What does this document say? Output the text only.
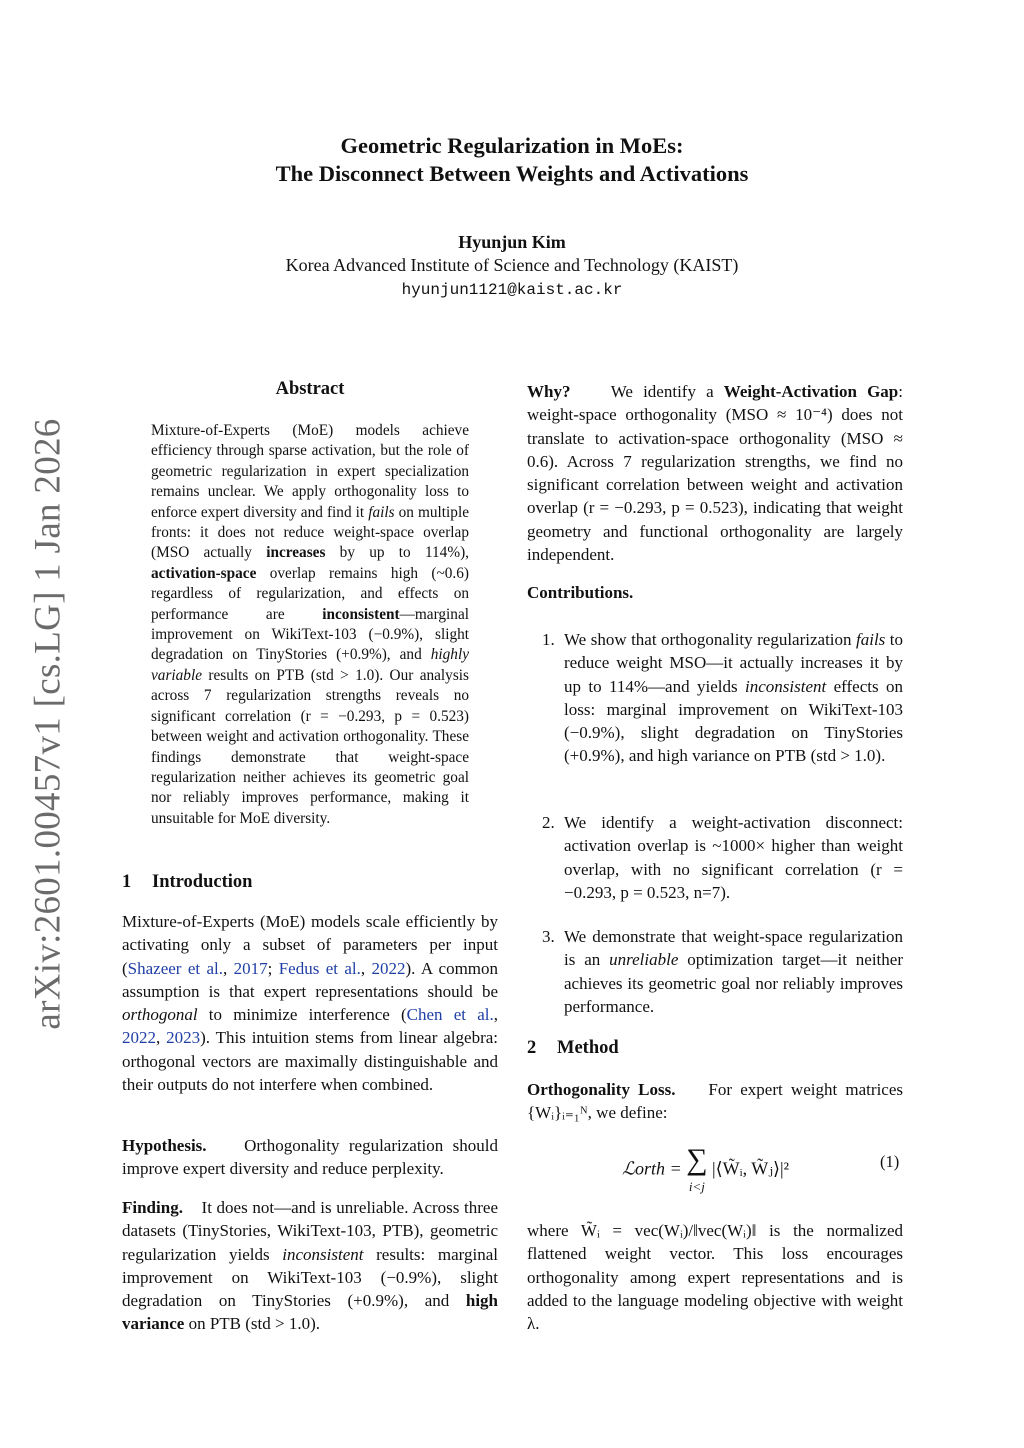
arXiv:2601.00457v1 [cs.LG] 1 Jan 2026
Geometric Regularization in MoEs:
The Disconnect Between Weights and Activations
Hyunjun Kim
Korea Advanced Institute of Science and Technology (KAIST)
hyunjun1121@kaist.ac.kr
Abstract
Mixture-of-Experts (MoE) models achieve efficiency through sparse activation, but the role of geometric regularization in expert specialization remains unclear. We apply orthogonality loss to enforce expert diversity and find it fails on multiple fronts: it does not reduce weight-space overlap (MSO actually increases by up to 114%), activation-space overlap remains high (~0.6) regardless of regularization, and effects on performance are inconsistent—marginal improvement on WikiText-103 (−0.9%), slight degradation on TinyStories (+0.9%), and highly variable results on PTB (std > 1.0). Our analysis across 7 regularization strengths reveals no significant correlation (r = −0.293, p = 0.523) between weight and activation orthogonality. These findings demonstrate that weight-space regularization neither achieves its geometric goal nor reliably improves performance, making it unsuitable for MoE diversity.
1 Introduction

Mixture-of-Experts (MoE) models scale efficiently by activating only a subset of parameters per input (Shazeer et al., 2017; Fedus et al., 2022). A common assumption is that expert representations should be orthogonal to minimize interference (Chen et al., 2022, 2023). This intuition stems from linear algebra: orthogonal vectors are maximally distinguishable and their outputs do not interfere when combined.

Hypothesis. Orthogonality regularization should improve expert diversity and reduce perplexity.

Finding. It does not—and is unreliable. Across three datasets (TinyStories, WikiText-103, PTB), geometric regularization yields inconsistent results: marginal improvement on WikiText-103 (−0.9%), slight degradation on TinyStories (+0.9%), and high variance on PTB (std > 1.0).

Why? We identify a Weight-Activation Gap: weight-space orthogonality (MSO ≈ 10⁻⁴) does not translate to activation-space orthogonality (MSO ≈ 0.6). Across 7 regularization strengths, we find no significant correlation between weight and activation overlap (r = −0.293, p = 0.523), indicating that weight geometry and functional orthogonality are largely independent.

Contributions.
1. We show that orthogonality regularization fails to reduce weight MSO—it actually increases it by up to 114%—and yields inconsistent effects on loss: marginal improvement on WikiText-103 (−0.9%), slight degradation on TinyStories (+0.9%), and high variance on PTB (std > 1.0).
2. We identify a weight-activation disconnect: activation overlap is ~1000× higher than weight overlap, with no significant correlation (r = −0.293, p = 0.523, n=7).
3. We demonstrate that weight-space regularization is an unreliable optimization target—it neither achieves its geometric goal nor reliably improves performance.
2 Method

Orthogonality Loss. For expert weight matrices {Wᵢ}ᵢ₌₁ᴺ, we define:

ℒorth = ∑
i<j |⟨W̃ᵢ, W̃ⱼ⟩|²	(1)

where W̃ᵢ = vec(Wᵢ)/‖vec(Wᵢ)‖ is the normalized flattened weight vector. This loss encourages orthogonality among expert representations and is added to the language modeling objective with weight λ.
